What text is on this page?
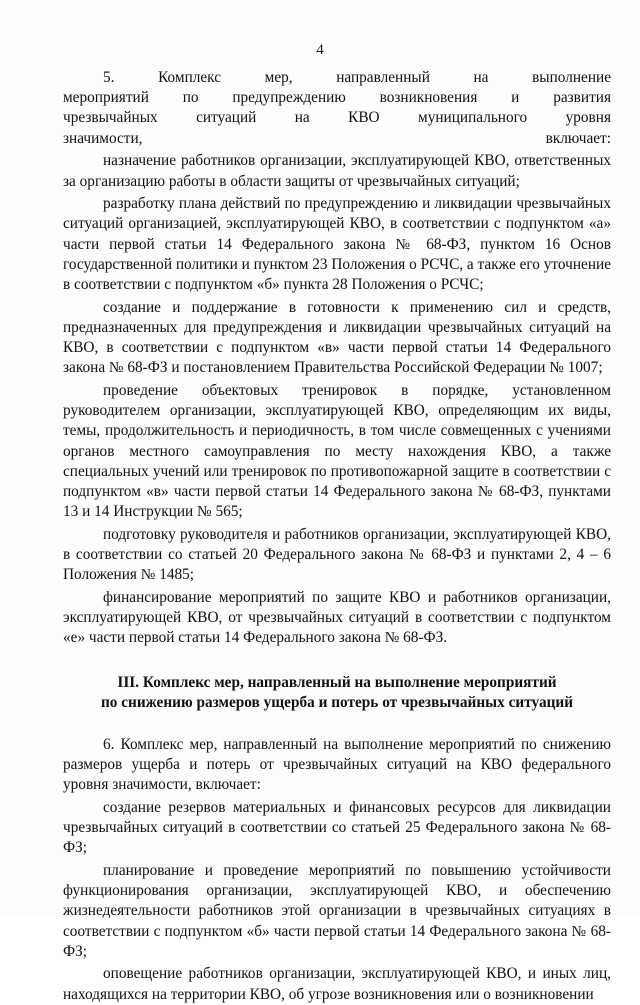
4

5. Комплекс мер, направленный на выполнение мероприятий по предупреждению возникновения и развития чрезвычайных ситуаций на КВО муниципального уровня значимости, включает:

назначение работников организации, эксплуатирующей КВО, ответственных за организацию работы в области защиты от чрезвычайных ситуаций;

разработку плана действий по предупреждению и ликвидации чрезвычайных ситуаций организацией, эксплуатирующей КВО, в соответствии с подпунктом «а» части первой статьи 14 Федерального закона № 68-ФЗ, пунктом 16 Основ государственной политики и пунктом 23 Положения о РСЧС, а также его уточнение в соответствии с подпунктом «б» пункта 28 Положения о РСЧС;

создание и поддержание в готовности к применению сил и средств, предназначенных для предупреждения и ликвидации чрезвычайных ситуаций на КВО, в соответствии с подпунктом «в» части первой статьи 14 Федерального закона № 68-ФЗ и постановлением Правительства Российской Федерации № 1007;

проведение объектовых тренировок в порядке, установленном руководителем организации, эксплуатирующей КВО, определяющим их виды, темы, продолжительность и периодичность, в том числе совмещенных с учениями органов местного самоуправления по месту нахождения КВО, а также специальных учений или тренировок по противопожарной защите в соответствии с подпунктом «в» части первой статьи 14 Федерального закона № 68-ФЗ, пунктами 13 и 14 Инструкции № 565;

подготовку руководителя и работников организации, эксплуатирующей КВО, в соответствии со статьей 20 Федерального закона № 68-ФЗ и пунктами 2, 4 – 6 Положения № 1485;

финансирование мероприятий по защите КВО и работников организации, эксплуатирующей КВО, от чрезвычайных ситуаций в соответствии с подпунктом «е» части первой статьи 14 Федерального закона № 68-ФЗ.

III. Комплекс мер, направленный на выполнение мероприятий
по снижению размеров ущерба и потерь от чрезвычайных ситуаций

6. Комплекс мер, направленный на выполнение мероприятий по снижению размеров ущерба и потерь от чрезвычайных ситуаций на КВО федерального уровня значимости, включает:

создание резервов материальных и финансовых ресурсов для ликвидации чрезвычайных ситуаций в соответствии со статьей 25 Федерального закона № 68-ФЗ;

планирование и проведение мероприятий по повышению устойчивости функционирования организации, эксплуатирующей КВО, и обеспечению жизнедеятельности работников этой организации в чрезвычайных ситуациях в соответствии с подпунктом «б» части первой статьи 14 Федерального закона № 68-ФЗ;

оповещение работников организации, эксплуатирующей КВО, и иных лиц, находящихся на территории КВО, об угрозе возникновения или о возникновении
